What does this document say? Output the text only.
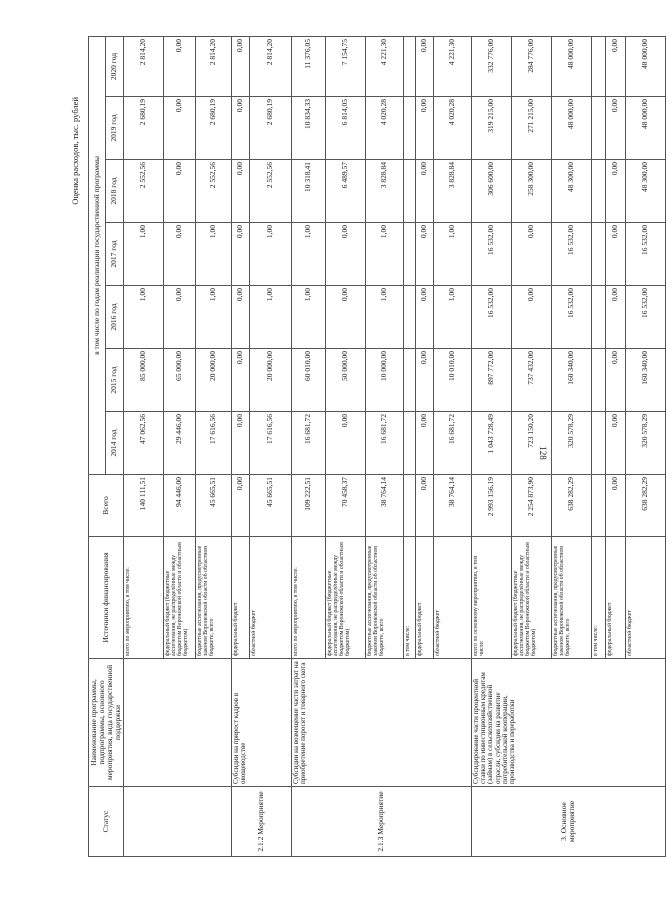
128
Оценка расходов, тыс. рублей
Статус	Наименование программы, подпрограммы, основного мероприятия, вида государственной поддержки	Источники финансирования	Всего	в том числе по годам реализации государственной программы						
				2014 год	2015 год	2016 год	2017 год	2018 год	2019 год	2020 год
		всего по мероприятию, в том числе:	140 111,51	47 062,56	85 000,00	1,00	1,00	2 552,56	2 680,19	2 814,20
		федеральный бюджет (бюджетные ассигнования, не распределённые между бюджетом Воронежской области и областным бюджетом)	94 446,00	29 446,00	65 000,00	0,00	0,00	0,00	0,00	0,00
		бюджетные ассигнования, предусмотренные законом Воронежской области об областном бюджете, всего	45 665,51	17 616,56	20 000,00	1,00	1,00	2 552,56	2 680,19	2 814,20
2.1.2 Мероприятие	Субсидии на прирост кадров в овощеводстве	федеральный бюджет	0,00	0,00	0,00	0,00	0,00	0,00	0,00	0,00
		областной бюджет	45 665,51	17 616,56	20 000,00	1,00	1,00	2 552,56	2 680,19	2 814,20
2.1.3 Мероприятие	Субсидии на возмещение части затрат на приобретение поросят и товарного скота	всего по мероприятию, в том числе:	109 222,51	16 681,72	60 010,00	1,00	1,00	10 318,41	10 834,33	11 376,05
		федеральный бюджет (бюджетные ассигнования, не распределённые между бюджетом Воронежской области и областным бюджетом)	70 458,37	0,00	50 000,00	0,00	0,00	6 489,57	6 814,05	7 154,75
		бюджетные ассигнования, предусмотренные законом Воронежской области об областном бюджете, всего	38 764,14	16 681,72	10 000,00	1,00	1,00	3 828,84	4 020,28	4 221,30
		в том числе:								
		федеральный бюджет	0,00	0,00	0,00	0,00	0,00	0,00	0,00	0,00
		областной бюджет	38 764,14	16 681,72	10 010,00	1,00	1,00	3 828,84	4 020,28	4 221,30
3. Основное мероприятие	Субсидирование части процентной ставки по инвестиционным кредитам (займам) в сельскохозяйственной отрасли, субсидии на развитие потребительской кооперации, производства и переработки	всего по основному мероприятию, в том числе:	2 993 156,19	1 043 728,49	897 772,00	16 532,00	16 532,00	306 600,00	319 215,00	332 776,00
		федеральный бюджет (бюджетные ассигнования, не распределённые между бюджетом Воронежской области и областным бюджетом)	2 254 873,90	723 150,20	737 432,00	0,00	0,00	258 300,00	271 215,00	284 776,00
		бюджетные ассигнования, предусмотренные законом Воронежской области об областном бюджете, всего	638 282,29	320 578,29	160 340,00	16 532,00	16 532,00	48 300,00	48 000,00	48 000,00
		в том числе:								
		федеральный бюджет	0,00	0,00	0,00	0,00	0,00	0,00	0,00	0,00
		областной бюджет	638 282,29	320 578,29	160 340,00	16 532,00	16 532,00	48 300,00	48 000,00	48 000,00
